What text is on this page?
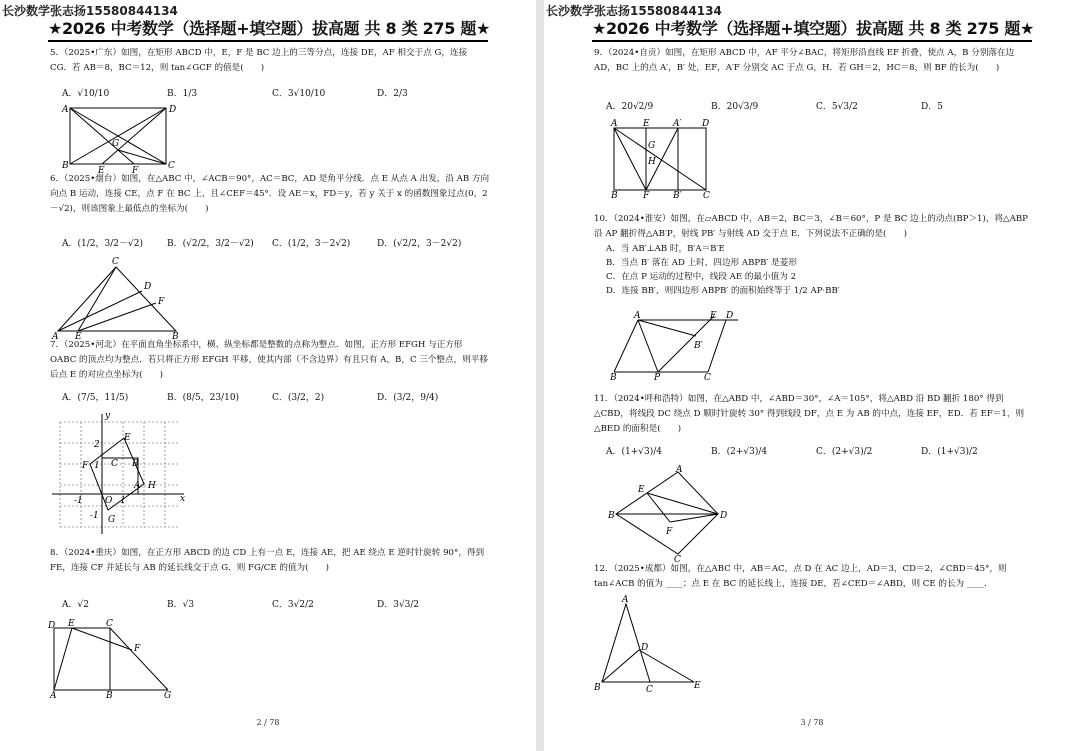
长沙数学张志扬15580844134
★2026 中考数学（选择题+填空题）拔高题 共 8 类 275 题★
5．（2025•广东）如图，在矩形 ABCD 中，E，F 是 BC 边上的三等分点，连接 DE，AF 相交于点 G，连接 CG．若 AB＝8，BC＝12，则 tan∠GCF 的值是(　　)
A．√10/10	B．1/3	C．3√10/10	D．2/3
A	D
G
B	E	F	C
6．（2025•烟台）如图，在△ABC 中，∠ACB＝90°，AC＝BC，AD 是角平分线．点 E 从点 A 出发，沿 AB 方向向点 B 运动，连接 CE，点 F 在 BC 上，且∠CEF＝45°．设 AE＝x，FD＝y，若 y 关于 x 的函数图象过点(0，2－√2)，则该图象上最低点的坐标为(　　)
A．(1/2，3/2－√2)	B．(√2/2，3/2－√2)	C．(1/2，3－2√2)	D．(√2/2，3－2√2)
C
D
F
A E	B
7．（2025•河北）在平面直角坐标系中，横、纵坐标都是整数的点称为整点．如图，正方形 EFGH 与正方形 OABC 的顶点均为整点．若只将正方形 EFGH 平移，使其内部（不含边界）有且只有 A，B，C 三个整点，则平移后点 E 的对应点坐标为(　　)
A．(7/5，11/5)	B．(8/5，23/10)	C．(3/2，2)	D．(3/2，9/4)
y
x
O
2
1
-1
-1
1
E
C B
F
A H
G
8．（2024•重庆）如图，在正方形 ABCD 的边 CD 上有一点 E，连接 AE，把 AE 绕点 E 逆时针旋转 90°，得到 FE，连接 CF 并延长与 AB 的延长线交于点 G．则 FG/CE 的值为(　　)
A．√2	B．√3	C．3√2/2	D．3√3/2
D E	C
F
A	B	G
2 / 78
长沙数学张志扬15580844134
★2026 中考数学（选择题+填空题）拔高题 共 8 类 275 题★
9．（2024•自贡）如图，在矩形 ABCD 中，AF 平分∠BAC，将矩形沿直线 EF 折叠，使点 A，B 分别落在边 AD，BC 上的点 A′，B′ 处，EF，A′F 分别交 AC 于点 G，H．若 GH＝2，HC＝8，则 BF 的长为(　　)
A．20√2/9	B．20√3/9	C．5√3/2	D．5
A	E	A′ D
G
H
B	F	B′ C
10．（2024•淮安）如图，在▱ABCD 中，AB＝2，BC＝3，∠B＝60°，P 是 BC 边上的动点(BP＞1)，将△ABP 沿 AP 翻折得△AB′P，射线 PB′ 与射线 AD 交于点 E．下列说法不正确的是(　　)
A．当 AB′⊥AB 时，B′A＝B′E
B．当点 B′ 落在 AD 上时，四边形 ABPB′ 是菱形
C．在点 P 运动的过程中，线段 AE 的最小值为 2
D．连接 BB′，则四边形 ABPB′ 的面积始终等于 1/2 AP·BB′
A	E D
B′
B	P	C
11．（2024•呼和浩特）如图，在△ABD 中，∠ABD＝30°，∠A＝105°，将△ABD 沿 BD 翻折 180° 得到△CBD，将线段 DC 绕点 D 顺时针旋转 30° 得到线段 DF，点 E 为 AB 的中点，连接 EF，ED．若 EF＝1，则△BED 的面积是(　　)
A．(1+√3)/4	B．(2+√3)/4	C．(2+√3)/2	D．(1+√3)/2
A
E
B	D
F
C
12．（2025•成都）如图，在△ABC 中，AB＝AC，点 D 在 AC 边上，AD＝3，CD＝2，∠CBD＝45°，则 tan∠ACB 的值为 ____；点 E 在 BC 的延长线上，连接 DE，若∠CED＝∠ABD，则 CE 的长为 ____．
A
D
B	C	E
3 / 78
